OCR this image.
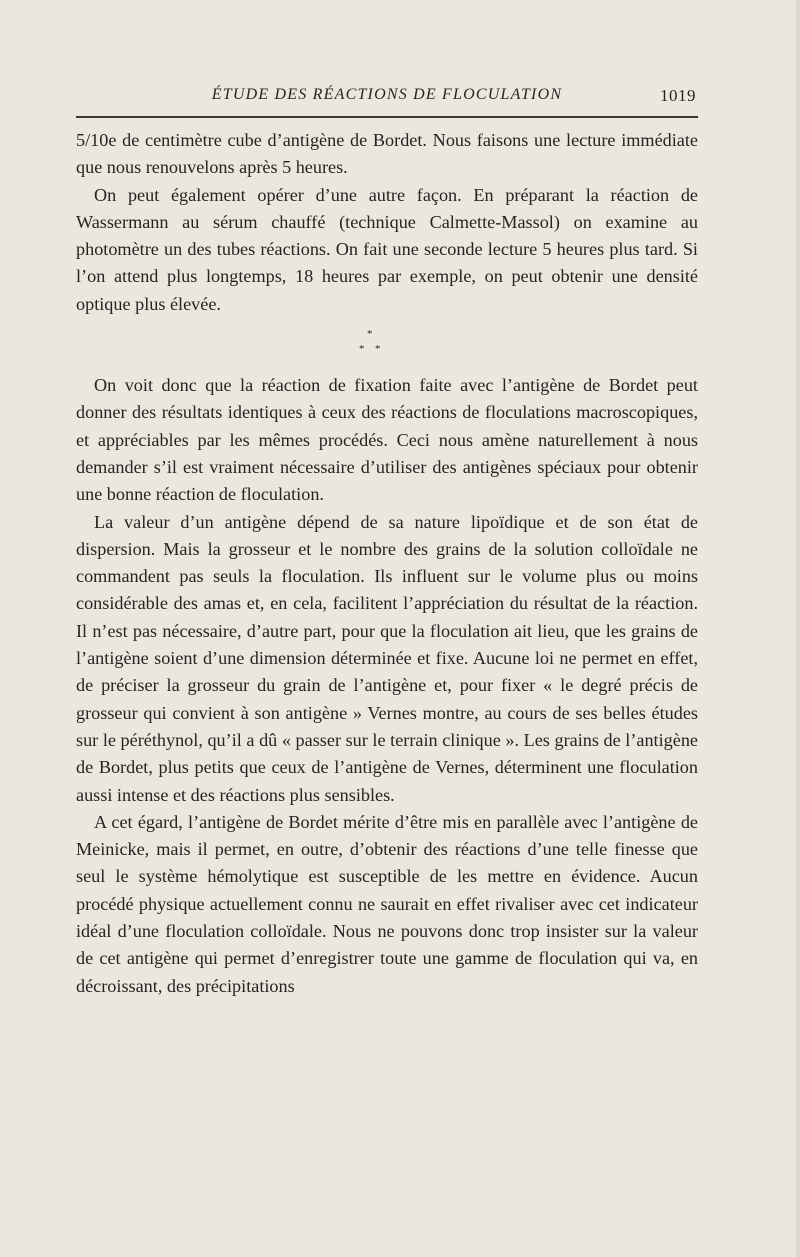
ÉTUDE DES RÉACTIONS DE FLOCULATION	1019

5/10e de centimètre cube d’antigène de Bordet. Nous faisons une lecture immédiate que nous renouvelons après 5 heures.

On peut également opérer d’une autre façon. En préparant la réaction de Wassermann au sérum chauffé (technique Calmette-Massol) on examine au photomètre un des tubes réactions. On fait une seconde lecture 5 heures plus tard. Si l’on attend plus longtemps, 18 heures par exemple, on peut obtenir une densité optique plus élevée.

*
* *

On voit donc que la réaction de fixation faite avec l’antigène de Bordet peut donner des résultats identiques à ceux des réactions de floculations macroscopiques, et appréciables par les mêmes procédés. Ceci nous amène naturellement à nous demander s’il est vraiment nécessaire d’utiliser des antigènes spéciaux pour obtenir une bonne réaction de floculation.

La valeur d’un antigène dépend de sa nature lipoïdique et de son état de dispersion. Mais la grosseur et le nombre des grains de la solution colloïdale ne commandent pas seuls la floculation. Ils influent sur le volume plus ou moins considérable des amas et, en cela, facilitent l’appréciation du résultat de la réaction. Il n’est pas nécessaire, d’autre part, pour que la floculation ait lieu, que les grains de l’antigène soient d’une dimension déterminée et fixe. Aucune loi ne permet en effet, de préciser la grosseur du grain de l’antigène et, pour fixer « le degré précis de grosseur qui convient à son antigène » Vernes montre, au cours de ses belles études sur le péréthynol, qu’il a dû « passer sur le terrain clinique ». Les grains de l’antigène de Bordet, plus petits que ceux de l’antigène de Vernes, déterminent une floculation aussi intense et des réactions plus sensibles.

A cet égard, l’antigène de Bordet mérite d’être mis en parallèle avec l’antigène de Meinicke, mais il permet, en outre, d’obtenir des réactions d’une telle finesse que seul le système hémolytique est susceptible de les mettre en évidence. Aucun procédé physique actuellement connu ne saurait en effet rivaliser avec cet indicateur idéal d’une floculation colloïdale. Nous ne pouvons donc trop insister sur la valeur de cet antigène qui permet d’enregistrer toute une gamme de floculation qui va, en décroissant, des précipitations
